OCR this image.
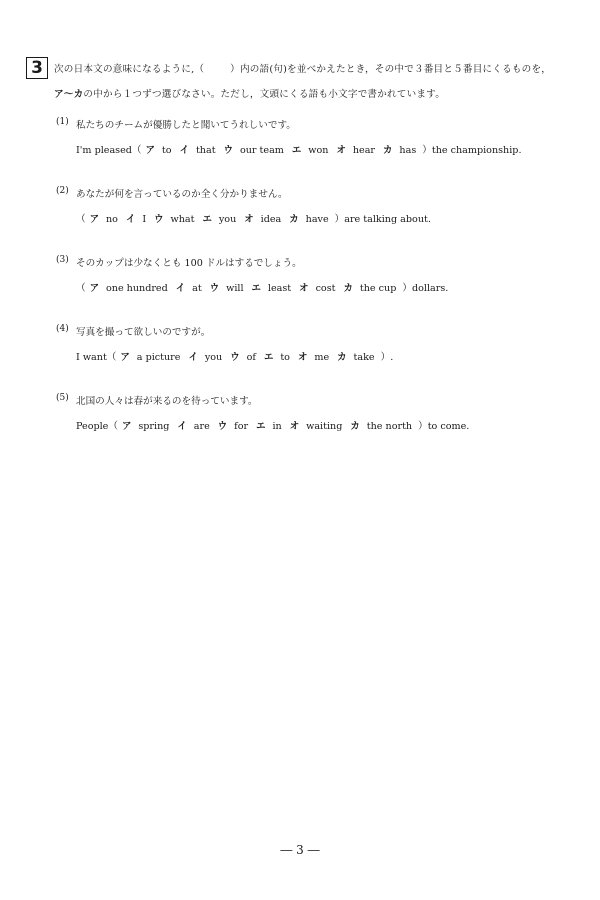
3	次の日本文の意味になるように,（	）内の語(句)を並べかえたとき，その中で３番目と５番目にくるものを，
ア～カの中から１つずつ選びなさい。ただし，文頭にくる語も小文字で書かれています。
(1) 私たちのチームが優勝したと聞いてうれしいです。
I'm pleased（ ア to イ that ウ our team エ won オ hear カ has ）the championship.
(2) あなたが何を言っているのか全く分かりません。
（ ア no イ I ウ what エ you オ idea カ have ）are talking about.
(3) そのカップは少なくとも 100 ドルはするでしょう。
（ ア one hundred イ at ウ will エ least オ cost カ the cup ）dollars.
(4) 写真を撮って欲しいのですが。
I want（ ア a picture イ you ウ of エ to オ me カ take ）.
(5) 北国の人々は春が来るのを待っています。
People（ ア spring イ are ウ for エ in オ waiting カ the north ）to come.
― 3 ―
